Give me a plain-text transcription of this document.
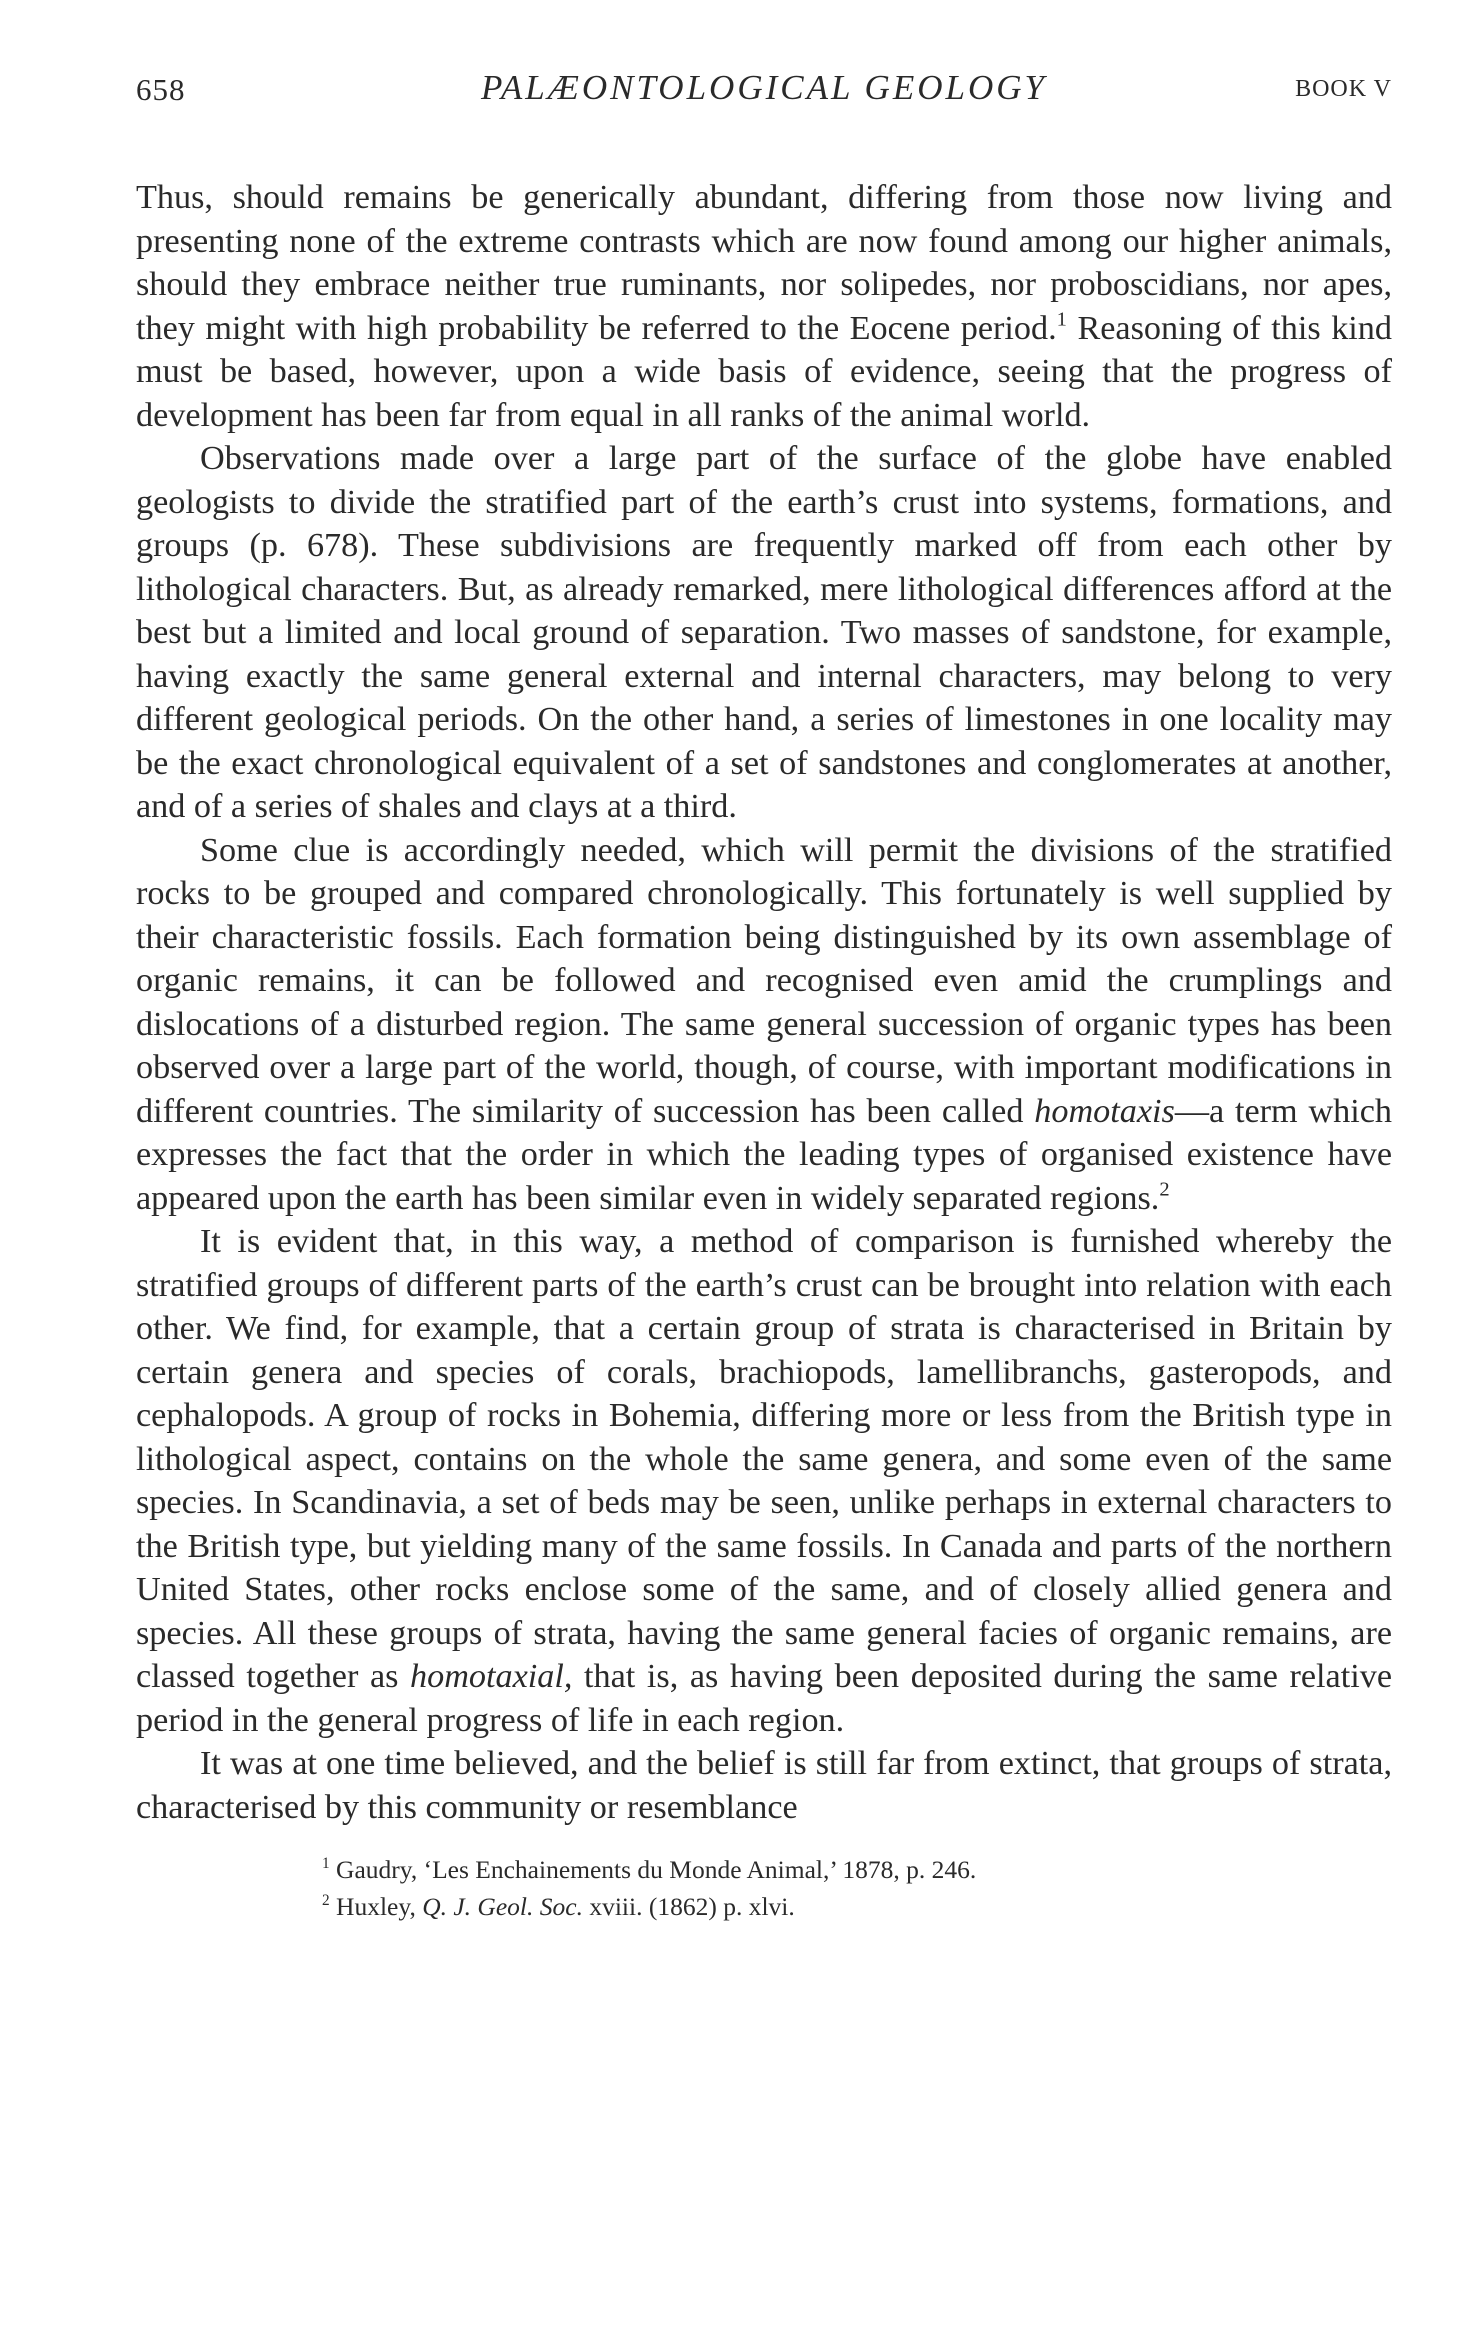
658	PALÆONTOLOGICAL GEOLOGY	BOOK V

Thus, should remains be generically abundant, differing from those now living and presenting none of the extreme contrasts which are now found among our higher animals, should they embrace neither true ruminants, nor solipedes, nor proboscidians, nor apes, they might with high probability be referred to the Eocene period.$^1$ Reasoning of this kind must be based, however, upon a wide basis of evidence, seeing that the progress of development has been far from equal in all ranks of the animal world.

Observations made over a large part of the surface of the globe have enabled geologists to divide the stratified part of the earth’s crust into systems, formations, and groups (p. 678). These subdivisions are frequently marked off from each other by lithological characters. But, as already remarked, mere lithological differences afford at the best but a limited and local ground of separation. Two masses of sandstone, for example, having exactly the same general external and internal characters, may belong to very different geological periods. On the other hand, a series of limestones in one locality may be the exact chronological equivalent of a set of sandstones and conglomerates at another, and of a series of shales and clays at a third.

Some clue is accordingly needed, which will permit the divisions of the stratified rocks to be grouped and compared chronologically. This fortunately is well supplied by their characteristic fossils. Each formation being distinguished by its own assemblage of organic remains, it can be followed and recognised even amid the crumplings and dislocations of a disturbed region. The same general succession of organic types has been observed over a large part of the world, though, of course, with important modifications in different countries. The similarity of succession has been called homotaxis—a term which expresses the fact that the order in which the leading types of organised existence have appeared upon the earth has been similar even in widely separated regions.$^2$

It is evident that, in this way, a method of comparison is furnished whereby the stratified groups of different parts of the earth’s crust can be brought into relation with each other. We find, for example, that a certain group of strata is characterised in Britain by certain genera and species of corals, brachiopods, lamellibranchs, gasteropods, and cephalopods. A group of rocks in Bohemia, differing more or less from the British type in lithological aspect, contains on the whole the same genera, and some even of the same species. In Scandinavia, a set of beds may be seen, unlike perhaps in external characters to the British type, but yielding many of the same fossils. In Canada and parts of the northern United States, other rocks enclose some of the same, and of closely allied genera and species. All these groups of strata, having the same general facies of organic remains, are classed together as homotaxial, that is, as having been deposited during the same relative period in the general progress of life in each region.

It was at one time believed, and the belief is still far from extinct, that groups of strata, characterised by this community or resemblance

$^1$ Gaudry, ‘Les Enchainements du Monde Animal,’ 1878, p. 246.

$^2$ Huxley, Q. J. Geol. Soc. xviii. (1862) p. xlvi.
